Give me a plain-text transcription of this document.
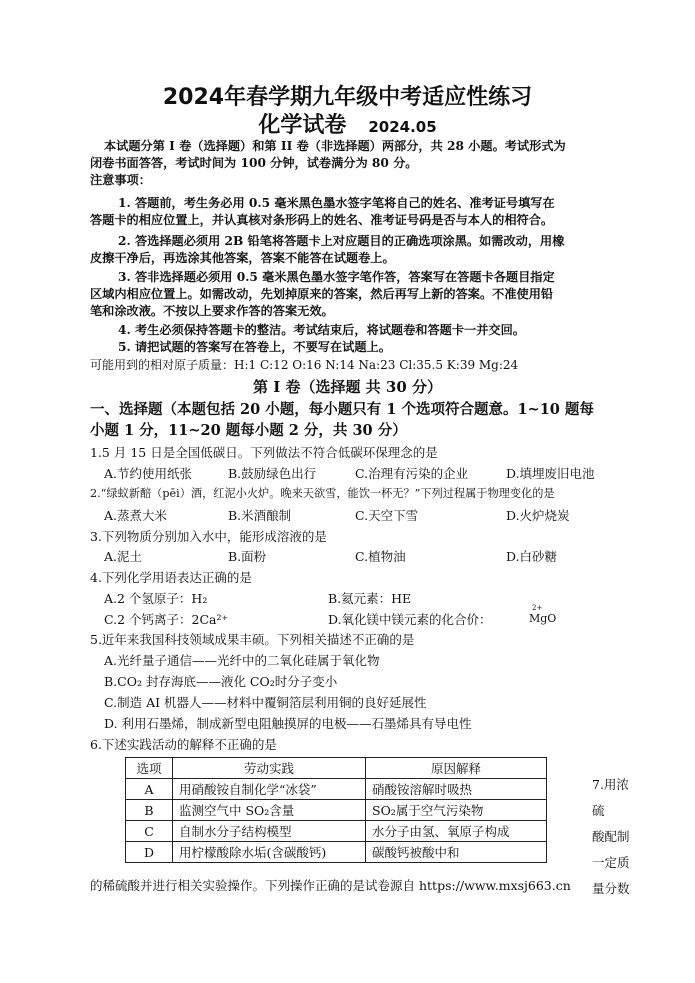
2024年春学期九年级中考适应性练习
化学试卷 2024.05
本试题分第 I 卷（选择题）和第 II 卷（非选择题）两部分，共 28 小题。考试形式为
闭卷书面答答，考试时间为 100 分钟，试卷满分为 80 分。
注意事项：
1. 答题前，考生务必用 0.5 毫米黑色墨水签字笔将自己的姓名、准考证号填写在
答题卡的相应位置上，并认真核对条形码上的姓名、准考证号码是否与本人的相符合。
2. 答选择题必须用 2B 铅笔将答题卡上对应题目的正确选项涂黑。如需改动，用橡
皮擦干净后，再选涂其他答案，答案不能答在试题卷上。
3. 答非选择题必须用 0.5 毫米黑色墨水签字笔作答，答案写在答题卡各题目指定
区域内相应位置上。如需改动，先划掉原来的答案，然后再写上新的答案。不准使用铅
笔和涂改液。不按以上要求作答的答案无效。
4. 考生必须保持答题卡的整洁。考试结束后，将试题卷和答题卡一并交回。
5. 请把试题的答案写在答卷上，不要写在试题上。
可能用到的相对原子质量：H:1 C:12 O:16 N:14 Na:23 Cl:35.5 K:39 Mg:24
第 I 卷（选择题 共 30 分）
一、选择题（本题包括 20 小题，每小题只有 1 个选项符合题意。1~10 题每
小题 1 分，11~20 题每小题 2 分，共 30 分）
1.5 月 15 日是全国低碳日。下列做法不符合低碳环保理念的是
A.节约使用纸张	B.鼓励绿色出行	C.治理有污染的企业	D.填埋废旧电池
2.“绿蚁新醅（pēi）酒，红泥小火炉。晚来天欲雪，能饮一杯无？”下列过程属于物理变化的是
A.蒸煮大米	B.米酒酿制	C.天空下雪	D.火炉烧炭
3.下列物质分别加入水中，能形成溶液的是
A.泥土	B.面粉	C.植物油	D.白砂糖
4.下列化学用语表达正确的是
A.2 个氢原子：H₂	B.氦元素：HE
C.2 个钙离子：2Ca²⁺	D.氧化镁中镁元素的化合价：
2+
MgO
5.近年来我国科技领域成果丰硕。下列相关描述不正确的是
A.光纤量子通信——光纤中的二氧化硅属于氧化物
B.CO₂ 封存海底——液化 CO₂时分子变小
C.制造 AI 机器人——材料中覆铜箔层利用铜的良好延展性
D. 利用石墨烯，制成新型电阻触摸屏的电极——石墨烯具有导电性
6.下述实践活动的解释不正确的是
选项	劳动实践	原因解释
A	用硝酸铵自制化学“冰袋”	硝酸铵溶解时吸热
B	监测空气中 SO₂含量	SO₂属于空气污染物
C	自制水分子结构模型	水分子由氢、氧原子构成
D	用柠檬酸除水垢(含碳酸钙)	碳酸钙被酸中和
7.用浓硫
酸配制
一定质
量分数
的稀硫酸并进行相关实验操作。下列操作正确的是试卷源自 https://www.mxsj663.cn
